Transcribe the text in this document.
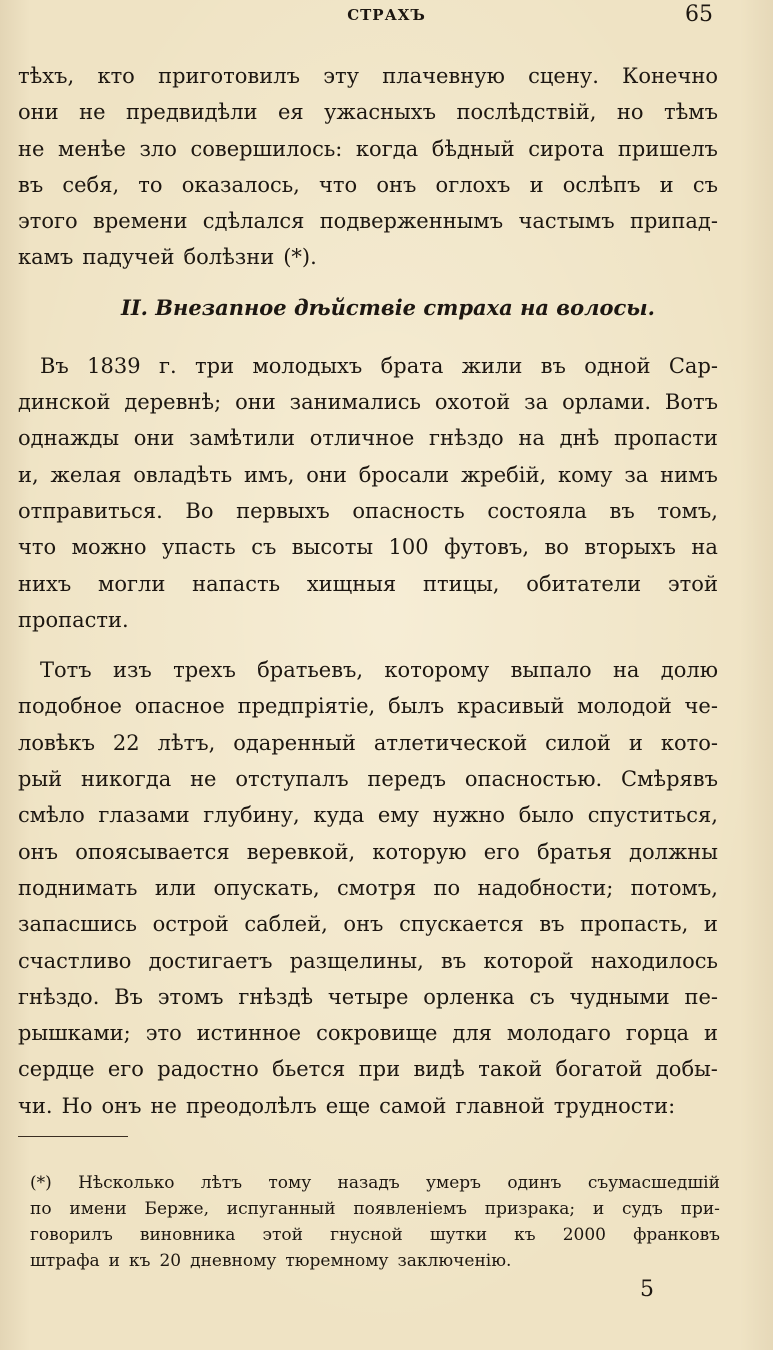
СТРАХЪ	65
тѣхъ, кто приготовилъ эту плачевную сцену. Конечно
они не предвидѣли ея ужасныхъ послѣдствій, но тѣмъ
не менѣе зло совершилось: когда бѣдный сирота пришелъ
въ себя, то оказалось, что онъ оглохъ и ослѣпъ и съ
этого времени сдѣлался подверженнымъ частымъ припад-
камъ падучей болѣзни (*).
II. Внезапное дѣйствіе страха на волосы.
Въ 1839 г. три молодыхъ брата жили въ одной Сар-
динской деревнѣ; они занимались охотой за орлами. Вотъ
однажды они замѣтили отличное гнѣздо на днѣ пропасти
и, желая овладѣть имъ, они бросали жребій, кому за нимъ
отправиться. Во первыхъ опасность состояла въ томъ,
что можно упасть съ высоты 100 футовъ, во вторыхъ на
нихъ могли напасть хищныя птицы, обитатели этой
пропасти.
Тотъ изъ трехъ братьевъ, которому выпало на долю
подобное опасное предпріятіе, былъ красивый молодой че-
ловѣкъ 22 лѣтъ, одаренный атлетической силой и кото-
рый никогда не отступалъ передъ опасностью. Смѣрявъ
смѣло глазами глубину, куда ему нужно было спуститься,
онъ опоясывается веревкой, которую его братья должны
поднимать или опускать, смотря по надобности; потомъ,
запасшись острой саблей, онъ спускается въ пропасть, и
счастливо достигаетъ разщелины, въ которой находилось
гнѣздо. Въ этомъ гнѣздѣ четыре орленка съ чудными пе-
рышками; это истинное сокровище для молодаго горца и
сердце его радостно бьется при видѣ такой богатой добы-
чи. Но онъ не преодолѣлъ еще самой главной трудности:
(*) Нѣсколько лѣтъ тому назадъ умеръ одинъ съумасшедшій
по имени Берже, испуганный появленіемъ призрака; и судъ при-
говорилъ виновника этой гнусной шутки къ 2000 франковъ
штрафа и къ 20 дневному тюремному заключенію.
5
